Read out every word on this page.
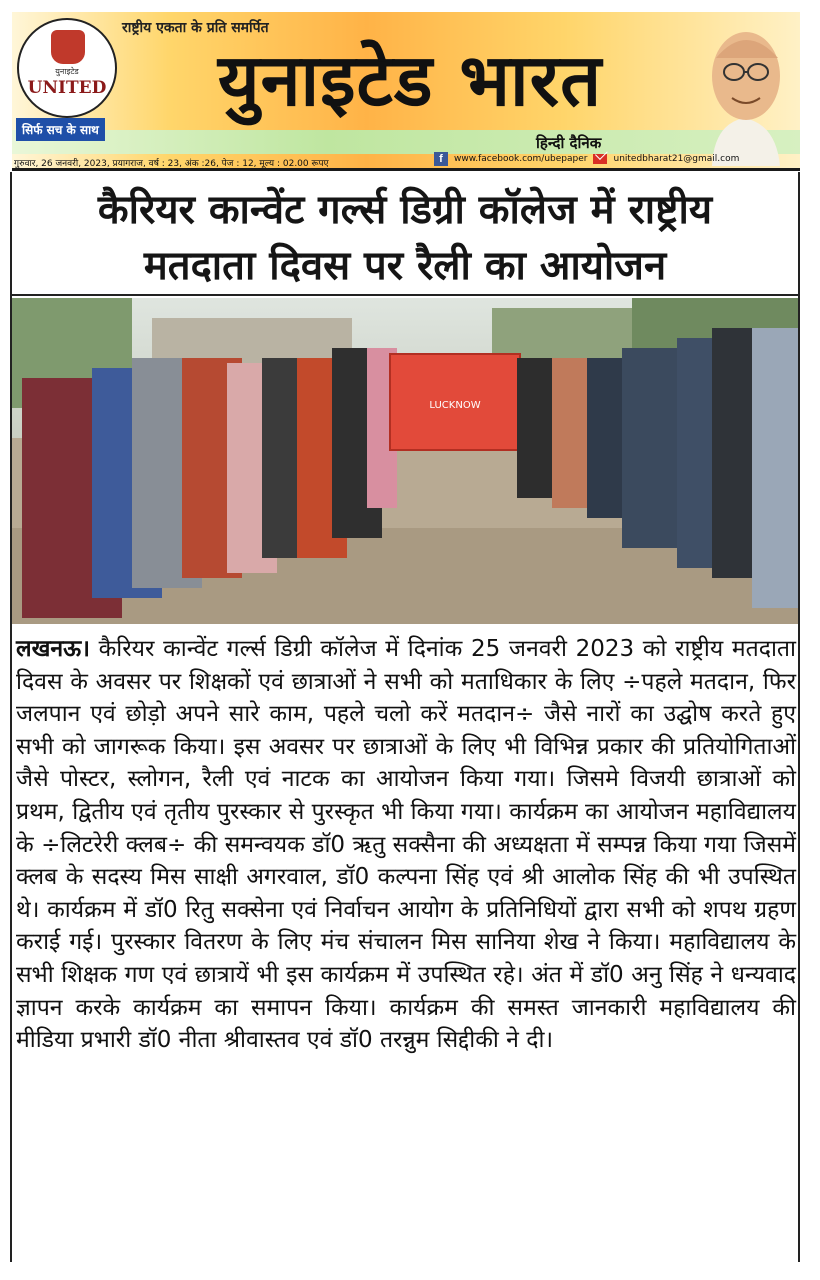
युनाइटेड
UNITED
सिर्फ सच के साथ
राष्ट्रीय एकता के प्रति समर्पित
युनाइटेड भारत
हिन्दी दैनिक
गुरुवार, 26 जनवरी, 2023, प्रयागराज, वर्ष : 23, अंक :26, पेज : 12, मूल्य : 02.00 रूपए	f	www.facebook.com/ubepaper	unitedbharat21@gmail.com
कैरियर कान्वेंट गर्ल्स डिग्री कॉलेज में राष्ट्रीय
मतदाता दिवस पर रैली का आयोजन
LUCKNOW

लखनऊ। कैरियर कान्वेंट गर्ल्स डिग्री कॉलेज में दिनांक 25 जनवरी 2023 को राष्ट्रीय मतदाता दिवस के अवसर पर शिक्षकों एवं छात्राओं ने सभी को मताधिकार के लिए ÷पहले मतदान, फिर जलपान एवं छोड़ो अपने सारे काम, पहले चलो करें मतदान÷ जैसे नारों का उद्घोष करते हुए सभी को जागरूक किया। इस अवसर पर छात्राओं के लिए भी विभिन्न प्रकार की प्रतियोगिताओं जैसे पोस्टर, स्लोगन, रैली एवं नाटक का आयोजन किया गया। जिसमे विजयी छात्राओं को प्रथम, द्वितीय एवं तृतीय पुरस्कार से पुरस्कृत भी किया गया। कार्यक्रम का आयोजन महाविद्यालय के ÷लिटरेरी क्लब÷ की समन्वयक डॉ0 ऋतु सक्सैना की अध्यक्षता में सम्पन्न किया गया जिसमें क्लब के सदस्य मिस साक्षी अगरवाल, डॉ0 कल्पना सिंह एवं श्री आलोक सिंह की भी उपस्थित थे। कार्यक्रम में डॉ0 रितु सक्सेना एवं निर्वाचन आयोग के प्रतिनिधियों द्वारा सभी को शपथ ग्रहण कराई गई। पुरस्कार वितरण के लिए मंच संचालन मिस सानिया शेख ने किया। महाविद्यालय के सभी शिक्षक गण एवं छात्रायें भी इस कार्यक्रम में उपस्थित रहे। अंत में डॉ0 अनु सिंह ने धन्यवाद ज्ञापन करके कार्यक्रम का समापन किया। कार्यक्रम की समस्त जानकारी महाविद्यालय की मीडिया प्रभारी डॉ0 नीता श्रीवास्तव एवं डॉ0 तरन्नुम सिद्दीकी ने दी।
